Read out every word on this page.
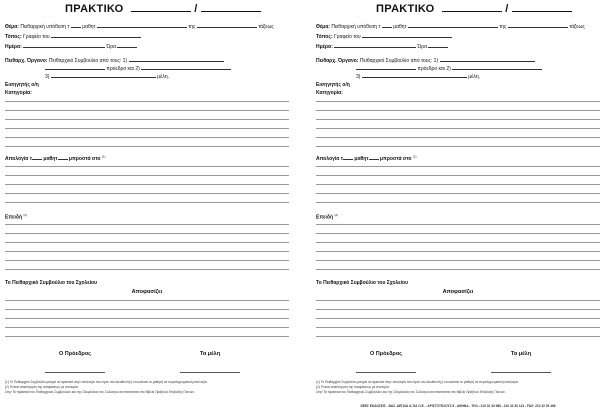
ΠΡΑΚΤΙΚΟ	/
Θέμα: Πειθαρχική υπόθεση τ	μαθητ	της	τάξεως
Τόπος: Γραφείο του
Ημέρα:	Ώρα
Πειθαρχ. Όργανο: Πειθαρχικό Συμβούλιο από τους: 1)
πρόεδρο και 2)
3)	μέλη.
Εισηγητής ο/η
Κατηγορία:
Απολογία τ μαθητ μπροστά στο $^{(1)}$
Επειδή $^{(2)}$
Το Πειθαρχικό Συμβούλιο του Σχολείου
Αποφασίζει
Ο Πρόεδρος	Τα μέλη
(1) Το Πειθαρχικό Συμβούλιο μπορεί να αρκεστεί στην απολογία που έγινε στο Διευθυντή ή να καλέσει το μαθητή σε συμπληρωματική απολογία.
(2) Γίνεται αιτιολόγηση της αποφάσεως με συντομία.
Στην Τα πρακτικά του Πειθαρχικού Συμβουλίου και της Ολομέλειας του Συλλόγου συντάσσονται στο Βιβλίο Πράξεων Επιβολής Ποινών.
ΠΡΑΚΤΙΚΟ	/
Θέμα: Πειθαρχική υπόθεση τ	μαθητ	της	τάξεως
Τόπος: Γραφείο του
Ημέρα:	Ώρα
Πειθαρχ. Όργανο: Πειθαρχικό Συμβούλιο από τους: 1)
πρόεδρο και 2)
3)	μέλη.
Εισηγητής ο/η
Κατηγορία:
Απολογία τ μαθητ μπροστά στο $^{(1)}$
Επειδή $^{(2)}$
Το Πειθαρχικό Συμβούλιο του Σχολείου
Αποφασίζει
Ο Πρόεδρος	Τα μέλη
(1) Το Πειθαρχικό Συμβούλιο μπορεί να αρκεστεί στην απολογία που έγινε στο Διευθυντή ή να καλέσει το μαθητή σε συμπληρωματική απολογία.
(2) Γίνεται αιτιολόγηση της αποφάσεως με συντομία.
Στην Τα πρακτικά του Πειθαρχικού Συμβουλίου και της Ολομέλειας του Συλλόγου συντάσσονται στο Βιβλίο Πράξεων Επιβολής Ποινών.
ΝΕΕΣ ΕΚΔΟΣΕΙΣ - ΒΑΣ. ΔΕΓΑΙΑ & ΣΙΑ Ο.Ε. - ΑΡΙΣΤΟΤΕΛΟΥΣ 8 - ΑΘΗΝΑ - ΤΗΛ.: 210 32 40 586 - 210 32 40 141 - FAX: 210 32 25 466
